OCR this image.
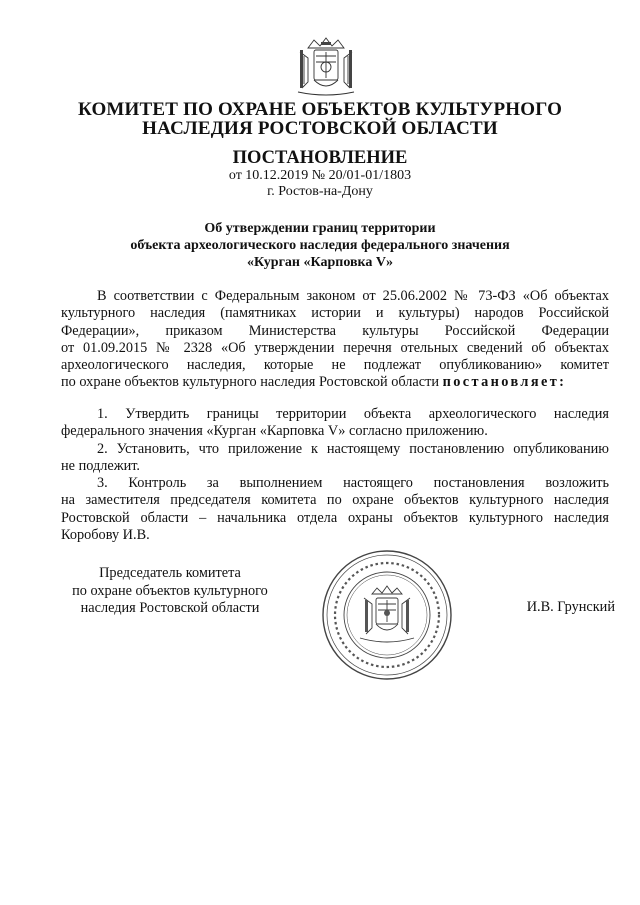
КОМИТЕТ ПО ОХРАНЕ ОБЪЕКТОВ КУЛЬТУРНОГО
НАСЛЕДИЯ РОСТОВСКОЙ ОБЛАСТИ
ПОСТАНОВЛЕНИЕ
от 10.12.2019 № 20/01-01/1803
г. Ростов-на-Дону
Об утверждении границ территории
объекта археологического наследия федерального значения
«Курган «Карповка V»
В соответствии с Федеральным законом от 25.06.2002 № 73-ФЗ «Об объектах
культурного наследия (памятниках истории и культуры) народов Российской
Федерации», приказом Министерства культуры Российской Федерации
от 01.09.2015 № 2328 «Об утверждении перечня отельных сведений об объектах
археологического наследия, которые не подлежат опубликованию» комитет
по охране объектов культурного наследия Ростовской области постановляет:
1. Утвердить границы территории объекта археологического наследия
федерального значения «Курган «Карповка V» согласно приложению.
2. Установить, что приложение к настоящему постановлению опубликованию
не подлежит.
3. Контроль за выполнением настоящего постановления возложить
на заместителя председателя комитета по охране объектов культурного наследия
Ростовской области – начальника отдела охраны объектов культурного наследия
Коробову И.В.
Председатель комитета
по охране объектов культурного
наследия Ростовской области	И.В. Грунский
